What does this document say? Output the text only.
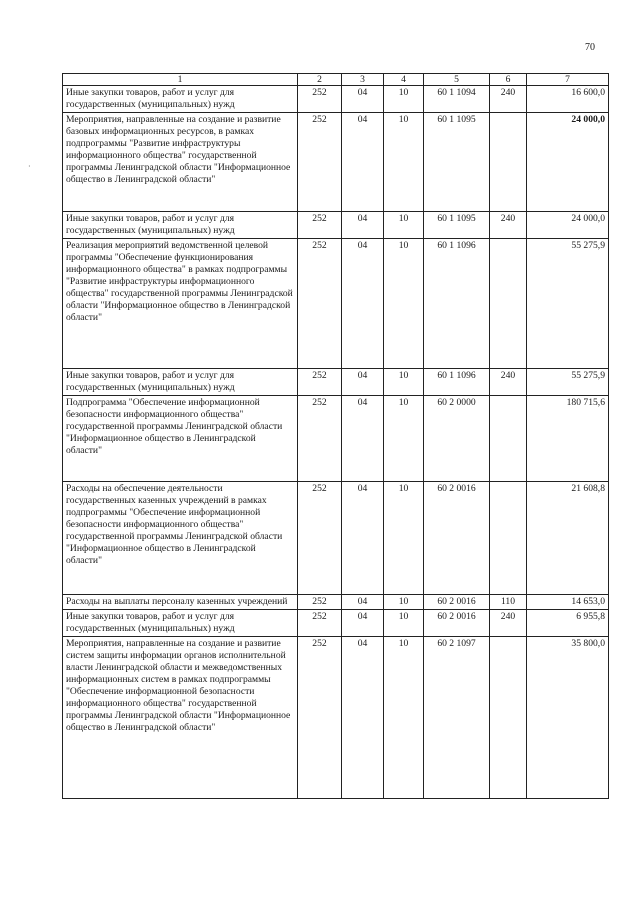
70
·
1	2	3	4	5	6	7
Иные закупки товаров, работ и услуг для государственных (муниципальных) нужд	252	04	10	60 1 1094	240	16 600,0
Мероприятия, направленные на создание и развитие базовых информационных ресурсов, в рамках подпрограммы "Развитие инфраструктуры информационного общества" государственной программы Ленинградской области "Информационное общество в Ленинградской области"	252	04	10	60 1 1095		24 000,0
Иные закупки товаров, работ и услуг для государственных (муниципальных) нужд	252	04	10	60 1 1095	240	24 000,0
Реализация мероприятий ведомственной целевой программы "Обеспечение функционирования информационного общества" в рамках подпрограммы "Развитие инфраструктуры информационного общества" государственной программы Ленинградской области "Информационное общество в Ленинградской области"	252	04	10	60 1 1096		55 275,9
Иные закупки товаров, работ и услуг для государственных (муниципальных) нужд	252	04	10	60 1 1096	240	55 275,9
Подпрограмма "Обеспечение информационной безопасности информационного общества" государственной программы Ленинградской области "Информационное общество в Ленинградской области"	252	04	10	60 2 0000		180 715,6
Расходы на обеспечение деятельности государственных казенных учреждений в рамках подпрограммы "Обеспечение информационной безопасности информационного общества" государственной программы Ленинградской области "Информационное общество в Ленинградской области"	252	04	10	60 2 0016		21 608,8
Расходы на выплаты персоналу казенных учреждений	252	04	10	60 2 0016	110	14 653,0
Иные закупки товаров, работ и услуг для государственных (муниципальных) нужд	252	04	10	60 2 0016	240	6 955,8
Мероприятия, направленные на создание и развитие систем защиты информации органов исполнительной власти Ленинградской области и межведомственных информационных систем в рамках подпрограммы "Обеспечение информационной безопасности информационного общества" государственной программы Ленинградской области "Информационное общество в Ленинградской области"	252	04	10	60 2 1097		35 800,0
